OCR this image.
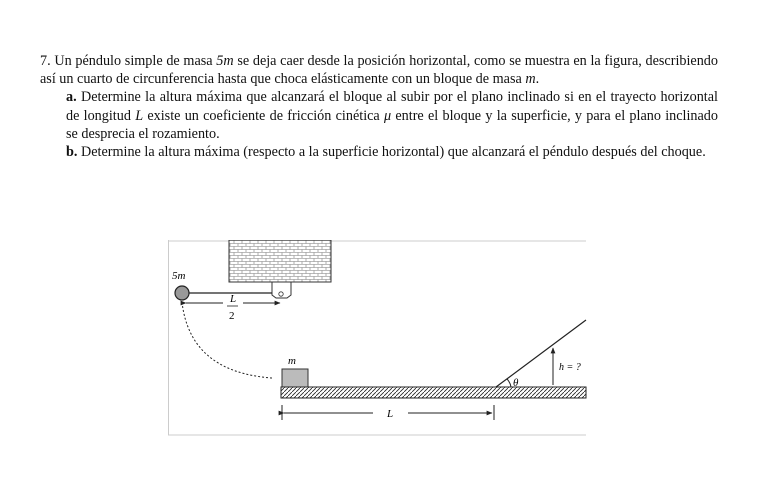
7. Un péndulo simple de masa 5m se deja caer desde la posición horizontal, como se muestra en la figura, describiendo así un cuarto de circunferencia hasta que choca elásticamente con un bloque de masa m.

a. Determine la altura máxima que alcanzará el bloque al subir por el plano inclinado si en el trayecto horizontal de longitud L existe un coeficiente de fricción cinética μ entre el bloque y la superficie, y para el plano inclinado se desprecia el rozamiento.

b. Determine la altura máxima (respecto a la superficie horizontal) que alcanzará el péndulo después del choque.

5m
L
2
m
θ
h = ?
L
